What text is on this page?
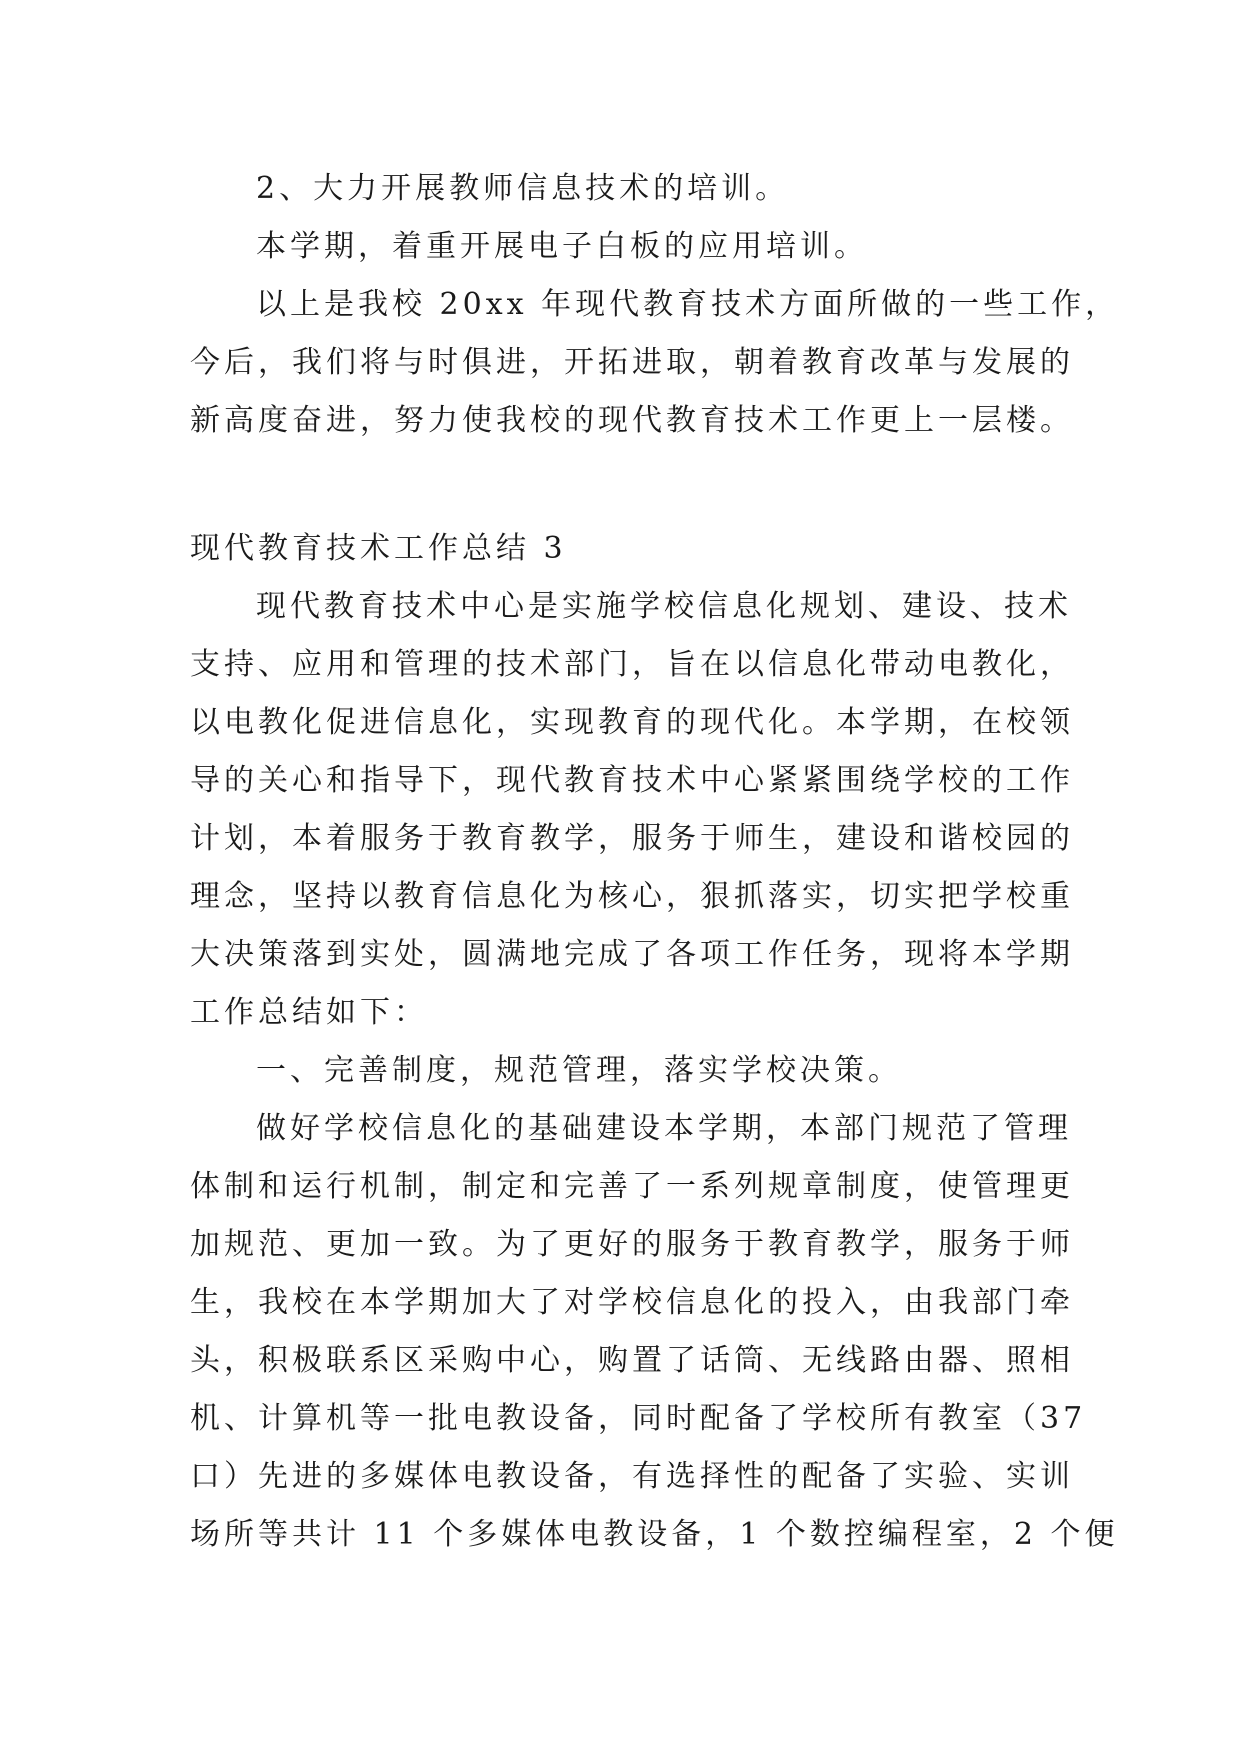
2、大力开展教师信息技术的培训。
本学期，着重开展电子白板的应用培训。
以上是我校 20xx 年现代教育技术方面所做的一些工作，
今后，我们将与时俱进，开拓进取，朝着教育改革与发展的
新高度奋进，努力使我校的现代教育技术工作更上一层楼。
现代教育技术工作总结 3
现代教育技术中心是实施学校信息化规划、建设、技术
支持、应用和管理的技术部门，旨在以信息化带动电教化，
以电教化促进信息化，实现教育的现代化。本学期，在校领
导的关心和指导下，现代教育技术中心紧紧围绕学校的工作
计划，本着服务于教育教学，服务于师生，建设和谐校园的
理念，坚持以教育信息化为核心，狠抓落实，切实把学校重
大决策落到实处，圆满地完成了各项工作任务，现将本学期
工作总结如下：
一、完善制度，规范管理，落实学校决策。
做好学校信息化的基础建设本学期，本部门规范了管理
体制和运行机制，制定和完善了一系列规章制度，使管理更
加规范、更加一致。为了更好的服务于教育教学，服务于师
生，我校在本学期加大了对学校信息化的投入，由我部门牵
头，积极联系区采购中心，购置了话筒、无线路由器、照相
机、计算机等一批电教设备，同时配备了学校所有教室（37
口）先进的多媒体电教设备，有选择性的配备了实验、实训
场所等共计 11 个多媒体电教设备，1 个数控编程室，2 个便
